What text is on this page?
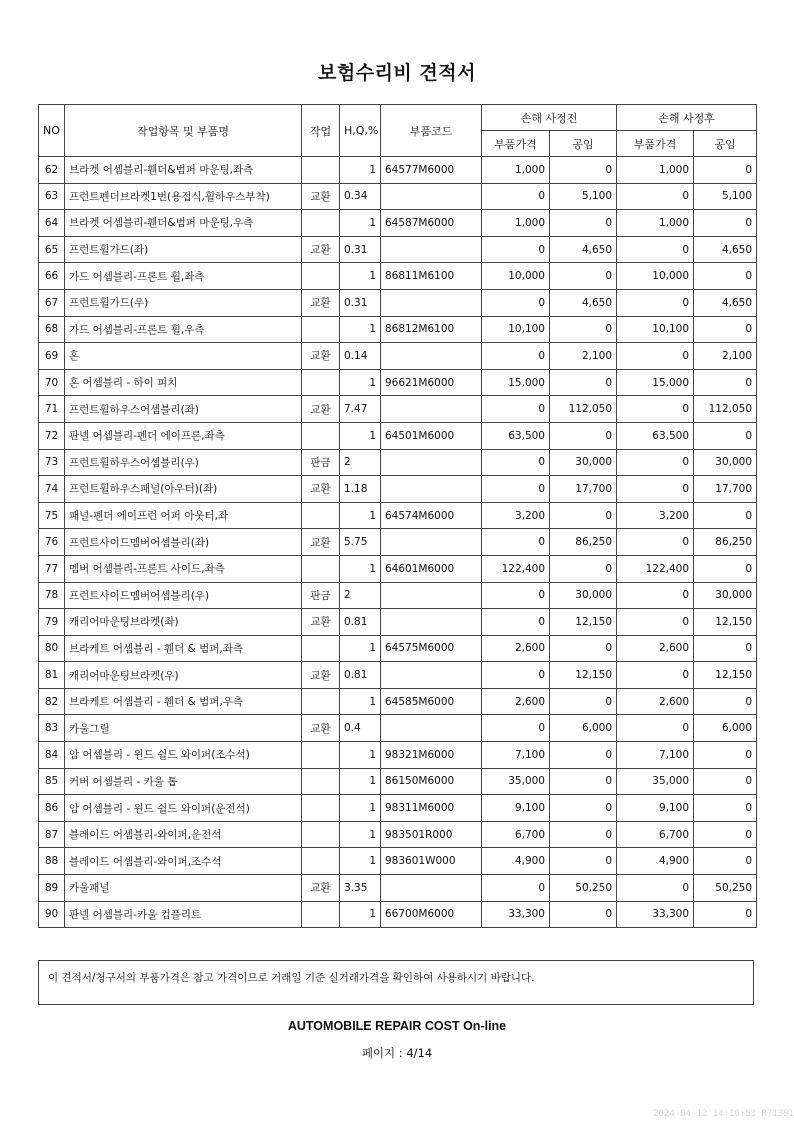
보험수리비 견적서
NO	작업항목 및 부품명	작업	H,Q,%	부품코드	손해 사정전		손해 사정후	
					부품가격	공임	부품가격	공임
62	브라켓 어셈블리-휀더&범퍼 마운팅,좌측		1	64577M6000	1,000	0	1,000	0
63	프런트펜더브라켓1번(용접식,휠하우스부착)	교환	0.34		0	5,100	0	5,100
64	브라켓 어셈블리-휀더&범퍼 마운팅,우측		1	64587M6000	1,000	0	1,000	0
65	프런트휠가드(좌)	교환	0.31		0	4,650	0	4,650
66	가드 어셈블리-프론트 휠,좌측		1	86811M6100	10,000	0	10,000	0
67	프런트휠가드(우)	교환	0.31		0	4,650	0	4,650
68	가드 어셈블리-프론트 휠,우측		1	86812M6100	10,100	0	10,100	0
69	혼	교환	0.14		0	2,100	0	2,100
70	혼 어셈블리 - 하이 피치		1	96621M6000	15,000	0	15,000	0
71	프런트휠하우스어셈블리(좌)	교환	7.47		0	112,050	0	112,050
72	판넬 어셈블리-펜더 에이프론,좌측		1	64501M6000	63,500	0	63,500	0
73	프런트휠하우스어셈블리(우)	판금	2		0	30,000	0	30,000
74	프런트휠하우스패널(아우터)(좌)	교환	1.18		0	17,700	0	17,700
75	패널-펜더 에이프런 어퍼 아웃터,좌		1	64574M6000	3,200	0	3,200	0
76	프런트사이드멤버어셈블리(좌)	교환	5.75		0	86,250	0	86,250
77	멤버 어셈블리-프론트 사이드,좌측		1	64601M6000	122,400	0	122,400	0
78	프런트사이드멤버어셈블리(우)	판금	2		0	30,000	0	30,000
79	캐리어마운팅브라켓(좌)	교환	0.81		0	12,150	0	12,150
80	브라케트 어셈블리 - 휀더 & 범퍼,좌측		1	64575M6000	2,600	0	2,600	0
81	캐리어마운팅브라켓(우)	교환	0.81		0	12,150	0	12,150
82	브라케트 어셈블리 - 휀더 & 범퍼,우측		1	64585M6000	2,600	0	2,600	0
83	카울그릴	교환	0.4		0	6,000	0	6,000
84	암 어셈블리 - 윈드 쉴드 와이퍼(조수석)		1	98321M6000	7,100	0	7,100	0
85	커버 어셈블리 - 카울 톱		1	86150M6000	35,000	0	35,000	0
86	암 어셈블리 - 윈드 쉴드 와이퍼(운전석)		1	98311M6000	9,100	0	9,100	0
87	블레이드 어셈블리-와이퍼,운전석		1	983501R000	6,700	0	6,700	0
88	블레이드 어셈블리-와이퍼,조수석		1	983601W000	4,900	0	4,900	0
89	카울패널	교환	3.35		0	50,250	0	50,250
90	판넬 어셈블리-카울 컴플리트		1	66700M6000	33,300	0	33,300	0
이 견적서/청구서의 부품가격은 참고 가격이므로 거래일 기준 실거래가격을 확인하여 사용하시기 바랍니다.
AUTOMOBILE REPAIR COST On-line
페이지 : 4/14
2024-04-12 14:16:53 R71381
